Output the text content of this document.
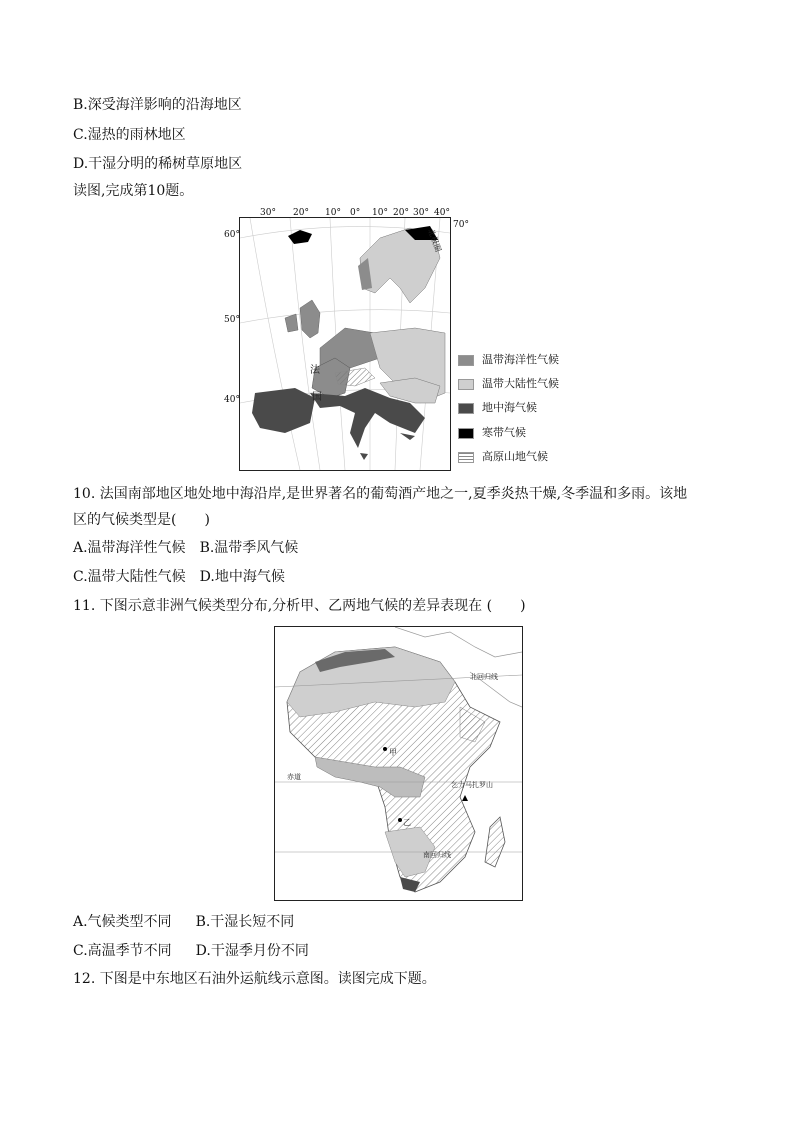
B.深受海洋影响的沿海地区
C.湿热的雨林地区
D.干湿分明的稀树草原地区
读图,完成第10题。
法
国
北极圈
30° 20° 10° 0° 10° 20° 30° 40°
70°
60°
50°
40°
温带海洋性气候
温带大陆性气候
地中海气候
寒带气候
高原山地气候
10. 法国南部地区地处地中海沿岸,是世界著名的葡萄酒产地之一,夏季炎热干燥,冬季温和多雨。该地
区的气候类型是(　　)
A.温带海洋性气候 B.温带季风气候
C.温带大陆性气候 D.地中海气候
11. 下图示意非洲气候类型分布,分析甲、乙两地气候的差异表现在 (　　)
北回归线
赤道
南回归线
甲
乙
乞力马扎罗山
A.气候类型不同 B.干湿长短不同
C.高温季节不同 D.干湿季月份不同
12. 下图是中东地区石油外运航线示意图。读图完成下题。
